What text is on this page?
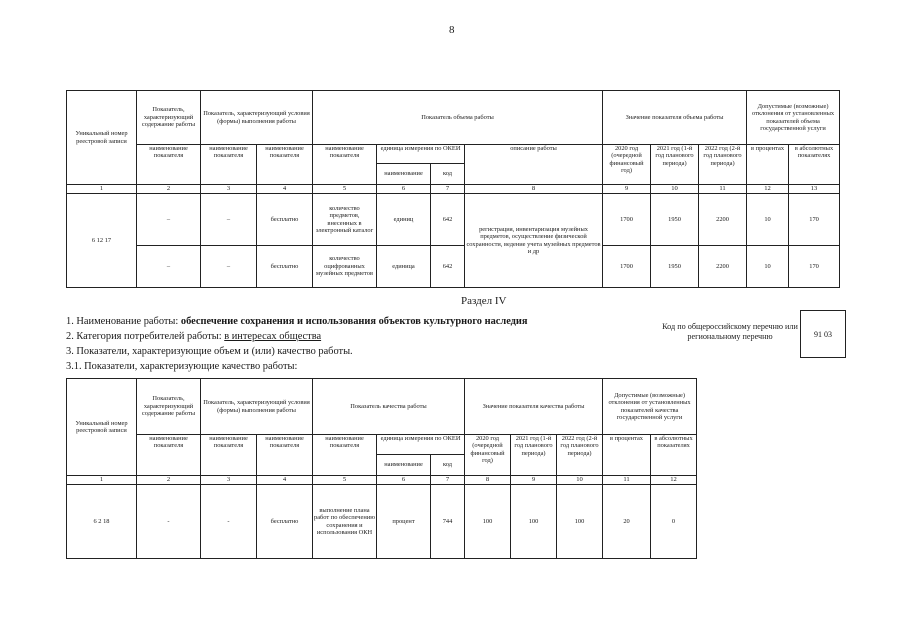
8
Уникальный номер реестровой записи	Показатель, характеризующий содержание работы	Показатель, характеризующий условия (формы) выполнения работы		Показатель объема работы				Значение показателя объема работы			Допустимые (возможные) отклонения от установленных показателей объема государственной услуги	
	наименование показателя	наименование показателя	наименование показателя	наименование показателя	единица измерения по ОКЕИ		описание работы	2020 год (очередной финансовый год)	2021 год (1-й год планового периода)	2022 год (2-й год планового периода)	в процентах	в абсолютных показателях
					наименование	код						
1	2	3	4	5	6	7	8	9	10	11	12	13
6 12 17	–	–	бесплатно	количество предметов, внесенных в электронный каталог	единиц	642	регистрация, инвентаризация музейных предметов, осуществление физической сохранности, ведение учета музейных предметов и др	1700	1950	2200	10	170
	–	–	бесплатно	количество оцифрованных музейных предметов	единица	642		1700	1950	2200	10	170
Раздел IV
1. Наименование работы: обеспечение сохранения и использования объектов культурного наследия
2. Категория потребителей работы: в интересах общества
3. Показатели, характеризующие объем и (или) качество работы.
3.1. Показатели, характеризующие качество работы:
Код по общероссийскому перечню или региональному перечню	91 03
Уникальный номер реестровой записи	Показатель, характеризующий содержание работы	Показатель, характеризующий условия (формы) выполнения работы		Показатель качества работы			Значение показателя качества работы			Допустимые (возможные) отклонения от установленных показателей качества государственной услуги	
	наименование показателя	наименование показателя	наименование показателя	наименование показателя	единица измерения по ОКЕИ		2020 год (очередной финансовый год)	2021 год (1-й год планового периода)	2022 год (2-й год планового периода)	в процентах	в абсолютных показателях
					наименование	код					
1	2	3	4	5	6	7	8	9	10	11	12
6 2 18	-	-	бесплатно	выполнение плана работ по обеспечению сохранения и использования ОКН	процент	744	100	100	100	20	0
